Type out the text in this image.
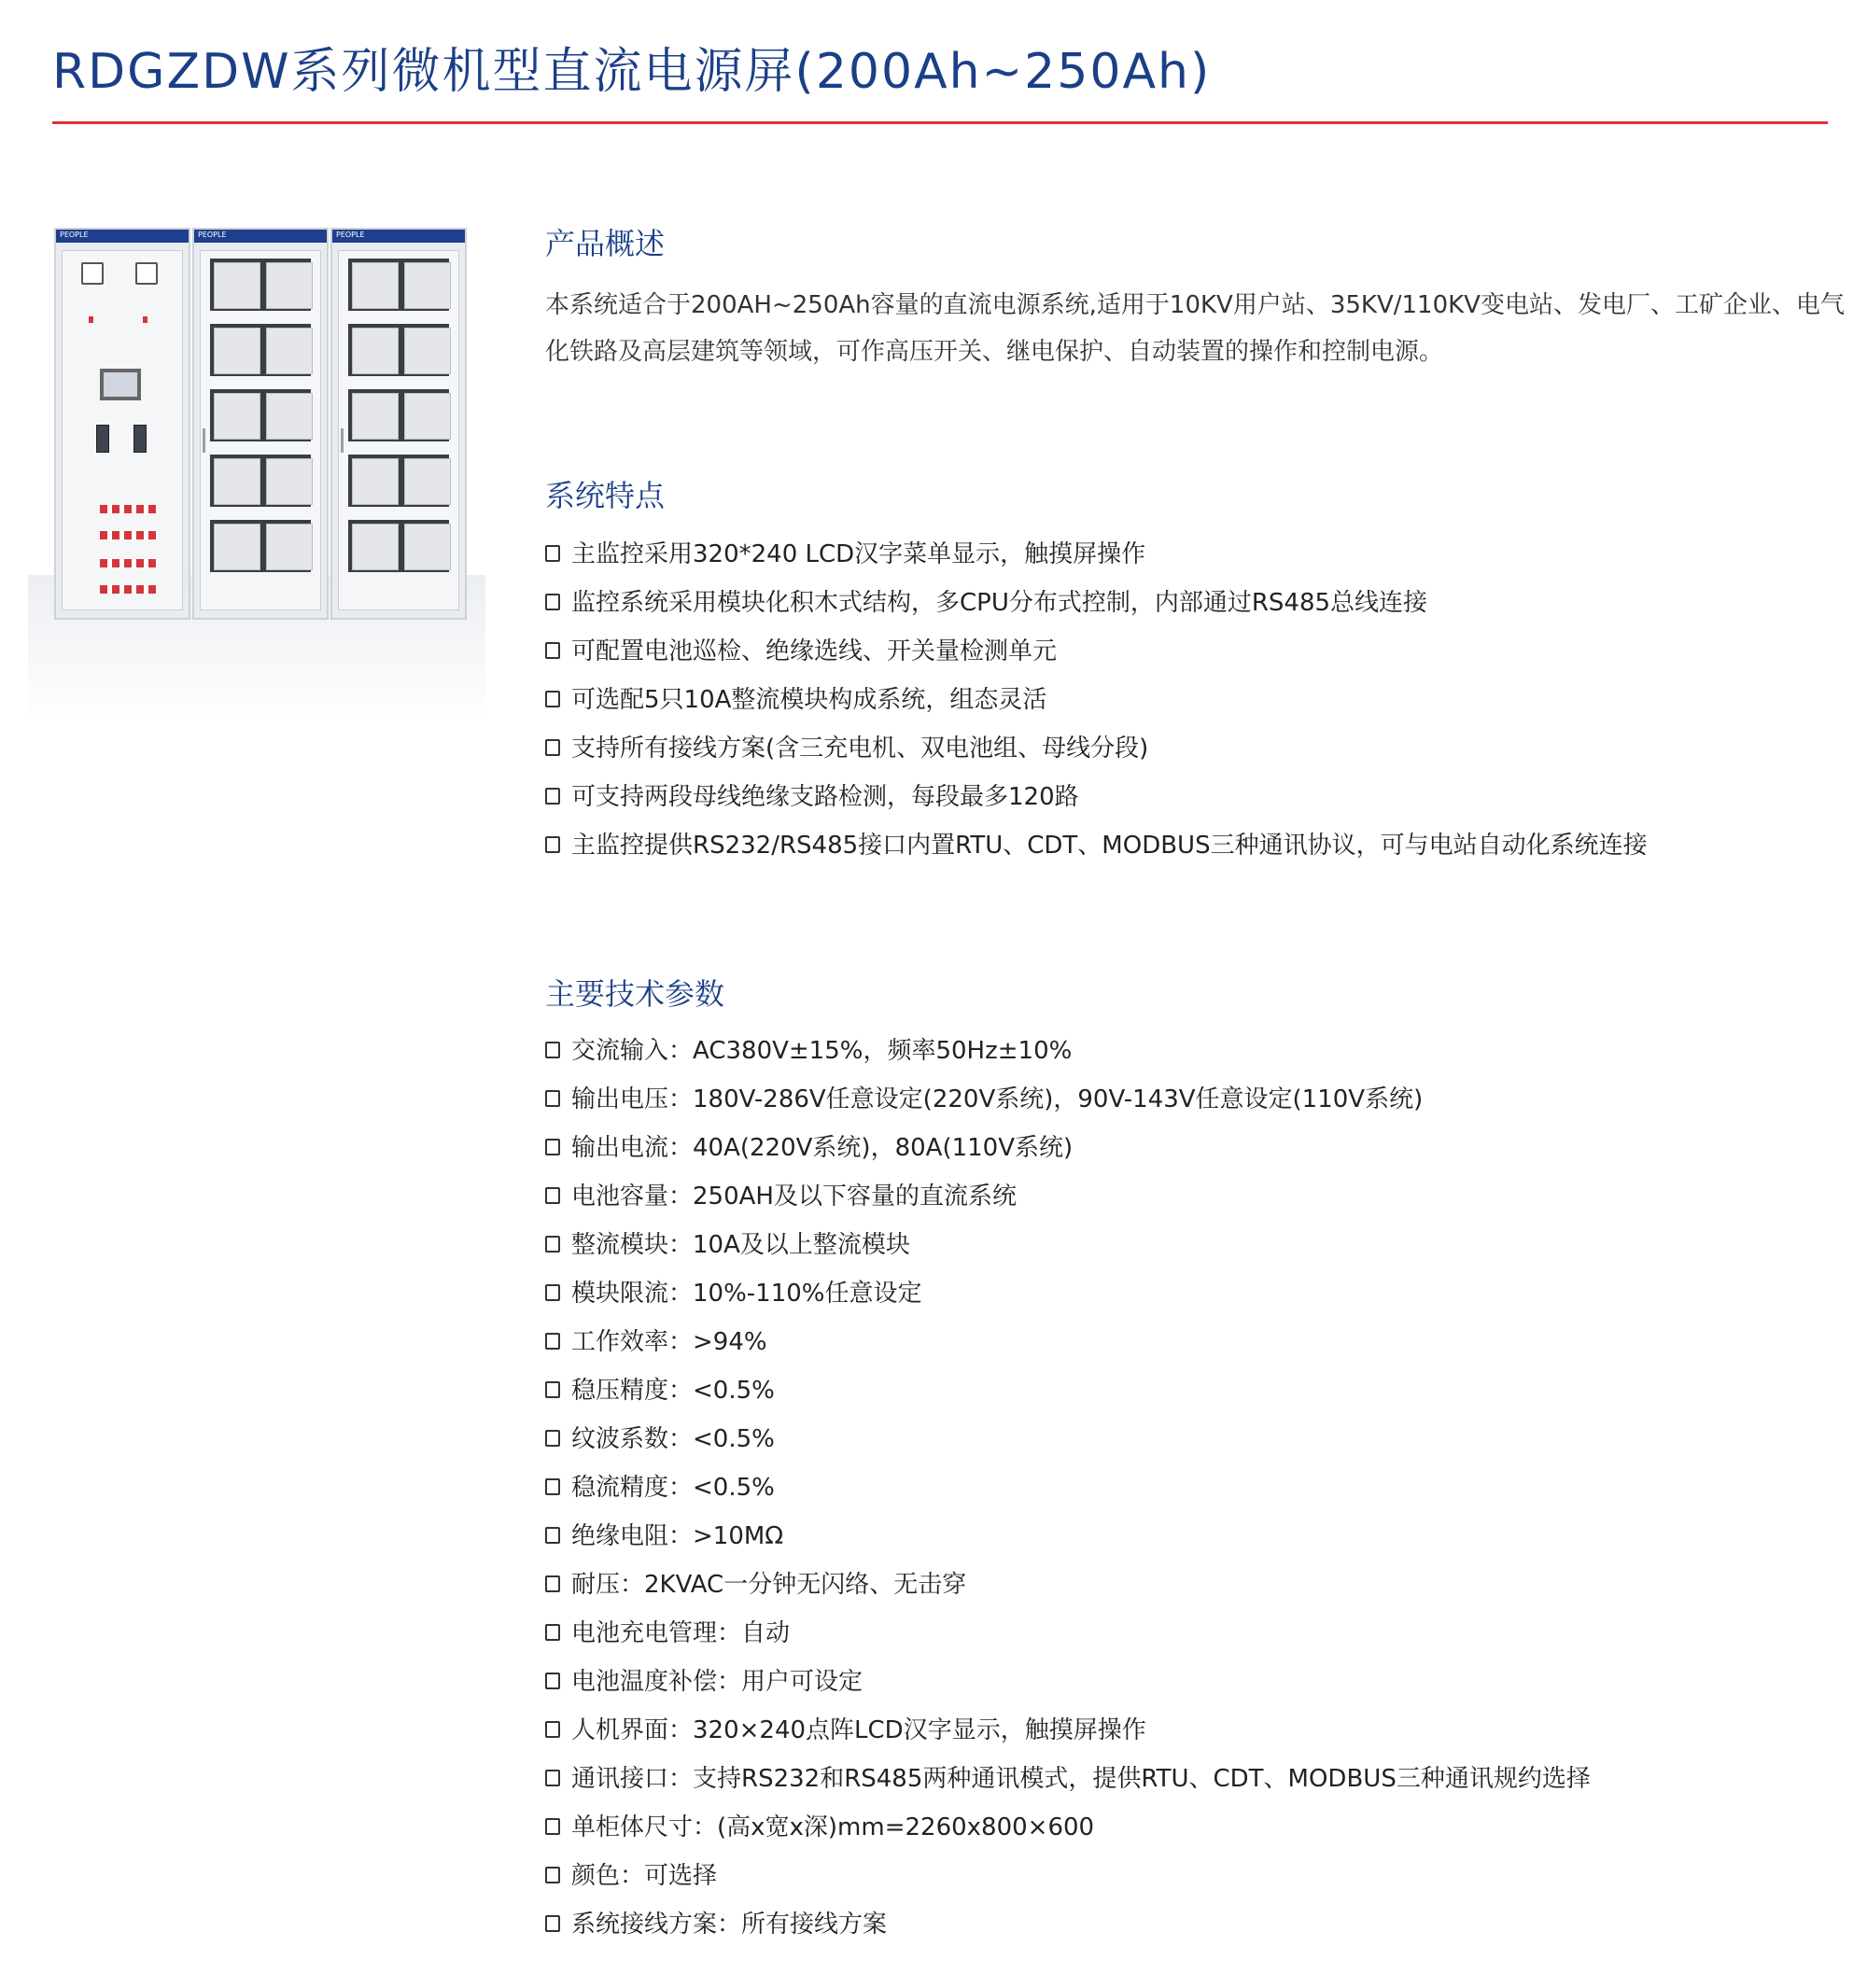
RDGZDW系列微机型直流电源屏(200Ah~250Ah)
PEOPLE	PEOPLE	PEOPLE	产品概述

本系统适合于200AH~250Ah容量的直流电源系统,适用于10KV用户站、35KV/110KV变电站、发电厂、工矿企业、电气化铁路及高层建筑等领域，可作高压开关、继电保护、自动装置的操作和控制电源。

系统特点
主监控采用320*240 LCD汉字菜单显示，触摸屏操作
监控系统采用模块化积木式结构，多CPU分布式控制，内部通过RS485总线连接
可配置电池巡检、绝缘选线、开关量检测单元
可选配5只10A整流模块构成系统，组态灵活
支持所有接线方案(含三充电机、双电池组、母线分段)
可支持两段母线绝缘支路检测，每段最多120路
主监控提供RS232/RS485接口内置RTU、CDT、MODBUS三种通讯协议，可与电站自动化系统连接
主要技术参数
交流输入：AC380V±15%，频率50Hz±10%
输出电压：180V-286V任意设定(220V系统)，90V-143V任意设定(110V系统)
输出电流：40A(220V系统)，80A(110V系统)
电池容量：250AH及以下容量的直流系统
整流模块：10A及以上整流模块
模块限流：10%-110%任意设定
工作效率：>94%
稳压精度：<0.5%
纹波系数：<0.5%
稳流精度：<0.5%
绝缘电阻：>10MΩ
耐压：2KVAC一分钟无闪络、无击穿
电池充电管理：自动
电池温度补偿：用户可设定
人机界面：320×240点阵LCD汉字显示，触摸屏操作
通讯接口：支持RS232和RS485两种通讯模式，提供RTU、CDT、MODBUS三种通讯规约选择
单柜体尺寸：(高x宽x深)mm=2260x800×600
颜色：可选择
系统接线方案：所有接线方案
